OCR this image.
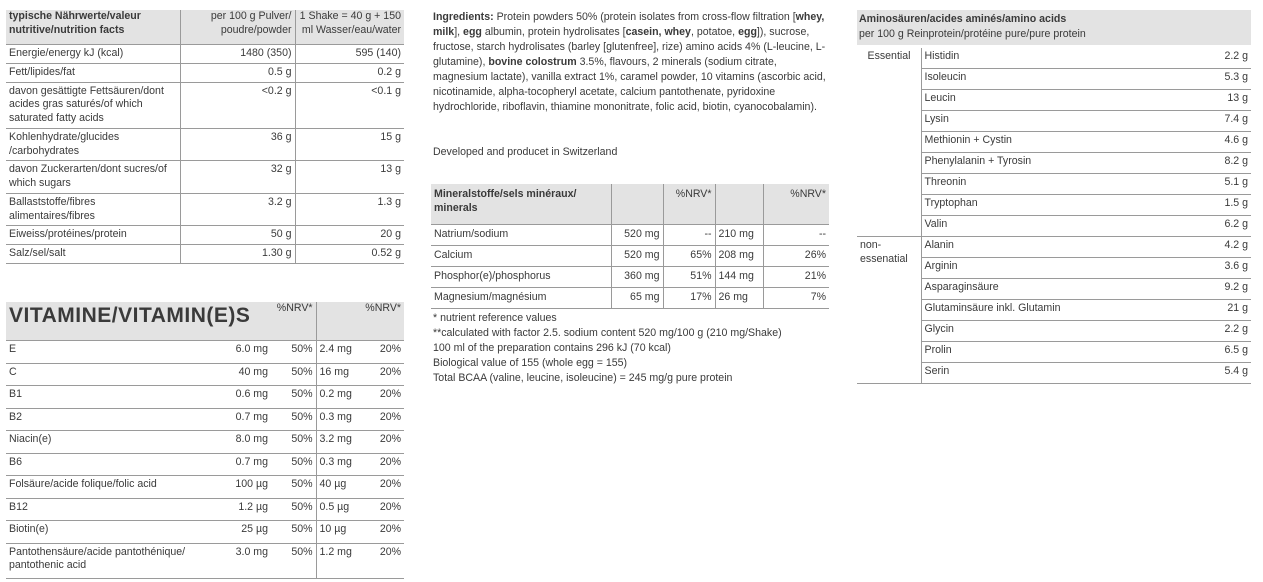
typische Nährwerte/valeur nutritive/nutrition facts	per 100 g Pulver/ poudre/powder	1 Shake = 40 g + 150 ml Wasser/eau/water
Energie/energy kJ (kcal)	1480 (350)	595 (140)
Fett/lipides/fat	0.5 g	0.2 g
davon gesättigte Fettsäuren/dont acides gras saturés/of which saturated fatty acids	<0.2 g	<0.1 g
Kohlenhydrate/glucides /carbohydrates	36 g	15 g
davon Zuckerarten/dont sucres/of which sugars	32 g	13 g
Ballaststoffe/fibres alimentaires/fibres	3.2 g	1.3 g
Eiweiss/protéines/protein	50 g	20 g
Salz/sel/salt	1.30 g	0.52 g
VITAMINE/VITAMIN(E)S		%NRV*		%NRV*
E	6.0 mg	50%	2.4 mg	20%
C	40 mg	50%	16 mg	20%
B1	0.6 mg	50%	0.2 mg	20%
B2	0.7 mg	50%	0.3 mg	20%
Niacin(e)	8.0 mg	50%	3.2 mg	20%
B6	0.7 mg	50%	0.3 mg	20%
Folsäure/acide folique/folic acid	100 µg	50%	40 µg	20%
B12	1.2 µg	50%	0.5 µg	20%
Biotin(e)	25 µg	50%	10 µg	20%
Pantothensäure/acide pantothénique/ pantothenic acid	3.0 mg	50%	1.2 mg	20%
Ingredients: Protein powders 50% (protein isolates from cross-flow filtration [whey, milk], egg albumin, protein hydrolisates [casein, whey, potatoe, egg]), sucrose, fructose, starch hydrolisates (barley [glutenfree], rize) amino acids 4% (L-leucine, L-glutamine), bovine colostrum 3.5%, flavours, 2 minerals (sodium citrate, magnesium lactate), vanilla extract 1%, caramel powder, 10 vitamins (ascorbic acid, nicotinamide, alpha-tocopheryl acetate, calcium pantothenate, pyridoxine hydrochloride, riboflavin, thiamine mononitrate, folic acid, biotin, cyanocobalamin).
Developed and producet in Switzerland
Mineralstoffe/sels minéraux/ minerals		%NRV*		%NRV*
Natrium/sodium	520 mg	--	210 mg	--
Calcium	520 mg	65%	208 mg	26%
Phosphor(e)/phosphorus	360 mg	51%	144 mg	21%
Magnesium/magnésium	65 mg	17%	26 mg	7%
* nutrient reference values
**calculated with factor 2.5. sodium content 520 mg/100 g (210 mg/Shake)
100 ml of the preparation contains 296 kJ (70 kcal)
Biological value of 155 (whole egg = 155)
Total BCAA (valine, leucine, isoleucine) = 245 mg/g pure protein
Aminosäuren/acides aminés/amino acids
per 100 g Reinprotein/protéine pure/pure protein
Essential	Histidin	2.2 g
	Isoleucin	5.3 g
	Leucin	13 g
	Lysin	7.4 g
	Methionin + Cystin	4.6 g
	Phenylalanin + Tyrosin	8.2 g
	Threonin	5.1 g
	Tryptophan	1.5 g
	Valin	6.2 g
non-essenatial	Alanin	4.2 g
	Arginin	3.6 g
	Asparaginsäure	9.2 g
	Glutaminsäure inkl. Glutamin	21 g
	Glycin	2.2 g
	Prolin	6.5 g
	Serin	5.4 g
